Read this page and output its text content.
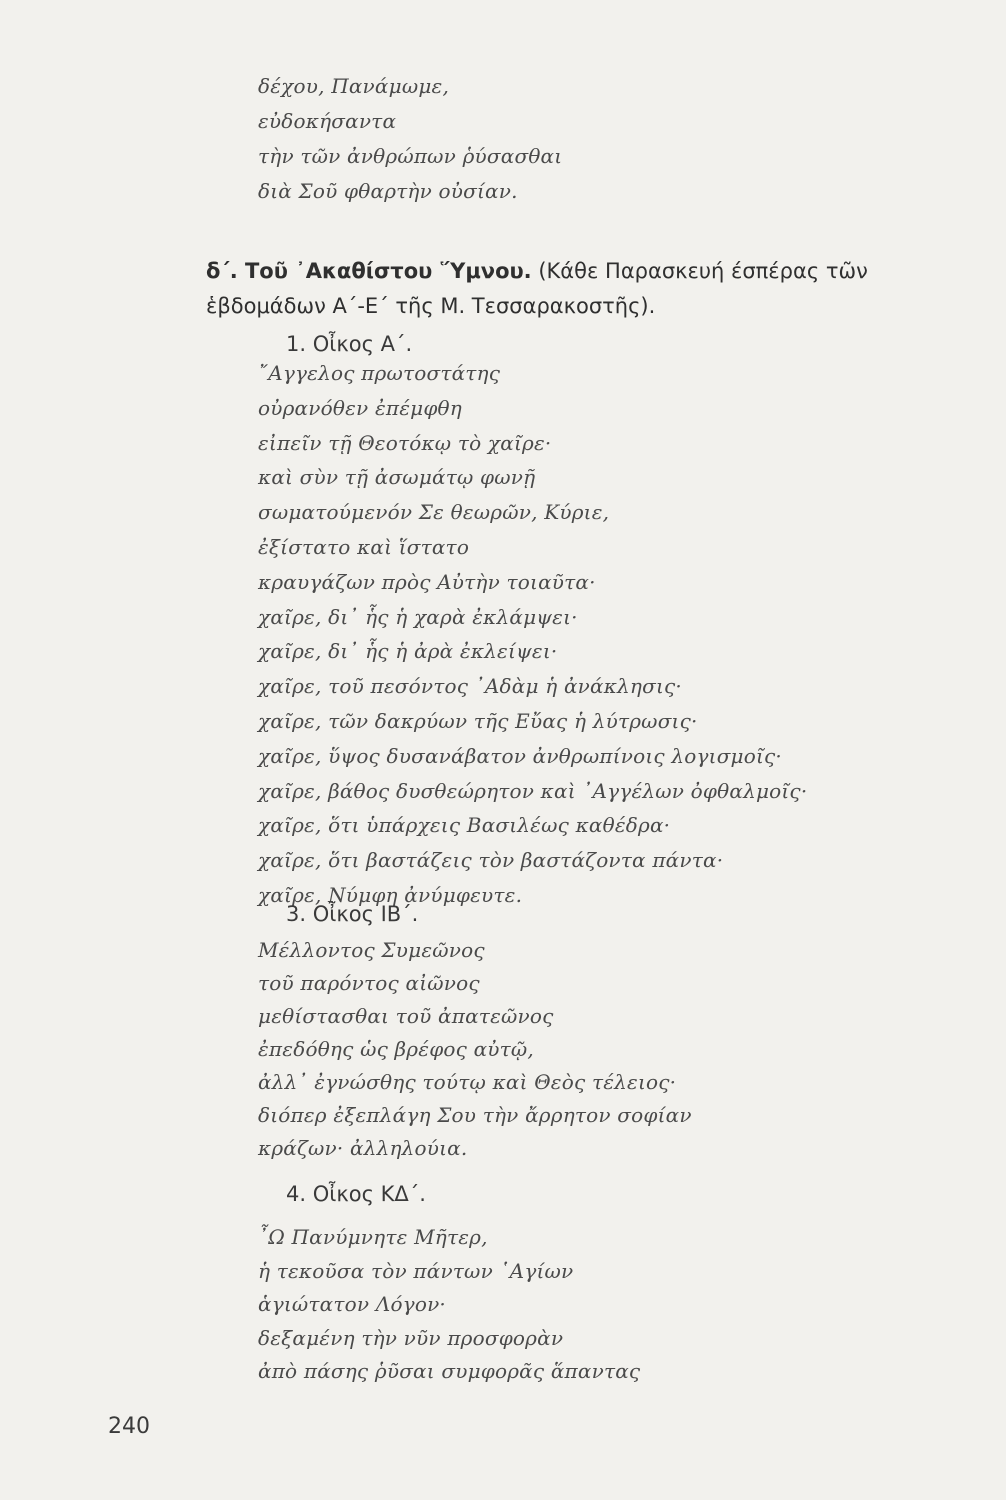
δέχου, Πανάμωμε,
εὐδοκήσαντα
τὴν τῶν ἀνθρώπων ῥύσασθαι
διὰ Σοῦ φθαρτὴν οὐσίαν.
δ΄. Τοῦ ᾿Ακαθίστου ῞Υμνου. (Κάθε Παρασκευή έσπέρας τῶν ἑβδομάδων Α΄-Ε΄ τῆς Μ. Τεσσαρακοστῆς).
1. Οἶκος Α΄.
῎Αγγελος πρωτοστάτης
οὐρανόθεν ἐπέμφθη
εἰπεῖν τῇ Θεοτόκῳ τὸ χαῖρε·
καὶ σὺν τῇ ἀσωμάτῳ φωνῇ
σωματούμενόν Σε θεωρῶν, Κύριε,
ἐξίστατο καὶ ἵστατο
κραυγάζων πρὸς Αὐτὴν τοιαῦτα·
χαῖρε, δι᾿ ἧς ἡ χαρὰ ἐκλάμψει·
χαῖρε, δι᾿ ἧς ἡ ἀρὰ ἐκλείψει·
χαῖρε, τοῦ πεσόντος ᾿Αδὰμ ἡ ἀνάκλησις·
χαῖρε, τῶν δακρύων τῆς Εὔας ἡ λύτρωσις·
χαῖρε, ὕψος δυσανάβατον ἀνθρωπίνοις λογισμοῖς·
χαῖρε, βάθος δυσθεώρητον καὶ ᾿Αγγέλων ὀφθαλμοῖς·
χαῖρε, ὅτι ὑπάρχεις Βασιλέως καθέδρα·
χαῖρε, ὅτι βαστάζεις τὸν βαστάζοντα πάντα·
χαῖρε, Νύμφη ἀνύμφευτε.
3. Οἶκος ΙΒ΄.
Μέλλοντος Συμεῶνος
τοῦ παρόντος αἰῶνος
μεθίστασθαι τοῦ ἀπατεῶνος
ἐπεδόθης ὡς βρέφος αὐτῷ,
ἀλλ᾿ ἐγνώσθης τούτῳ καὶ Θεὸς τέλειος·
διόπερ ἐξεπλάγη Σου τὴν ἄρρητον σοφίαν
κράζων· ἀλληλούια.
4. Οἶκος ΚΔ΄.
῏Ω Πανύμνητε Μῆτερ,
ἡ τεκοῦσα τὸν πάντων ῾Αγίων
ἁγιώτατον Λόγον·
δεξαμένη τὴν νῦν προσφορὰν
ἀπὸ πάσης ῥῦσαι συμφορᾶς ἅπαντας
240
